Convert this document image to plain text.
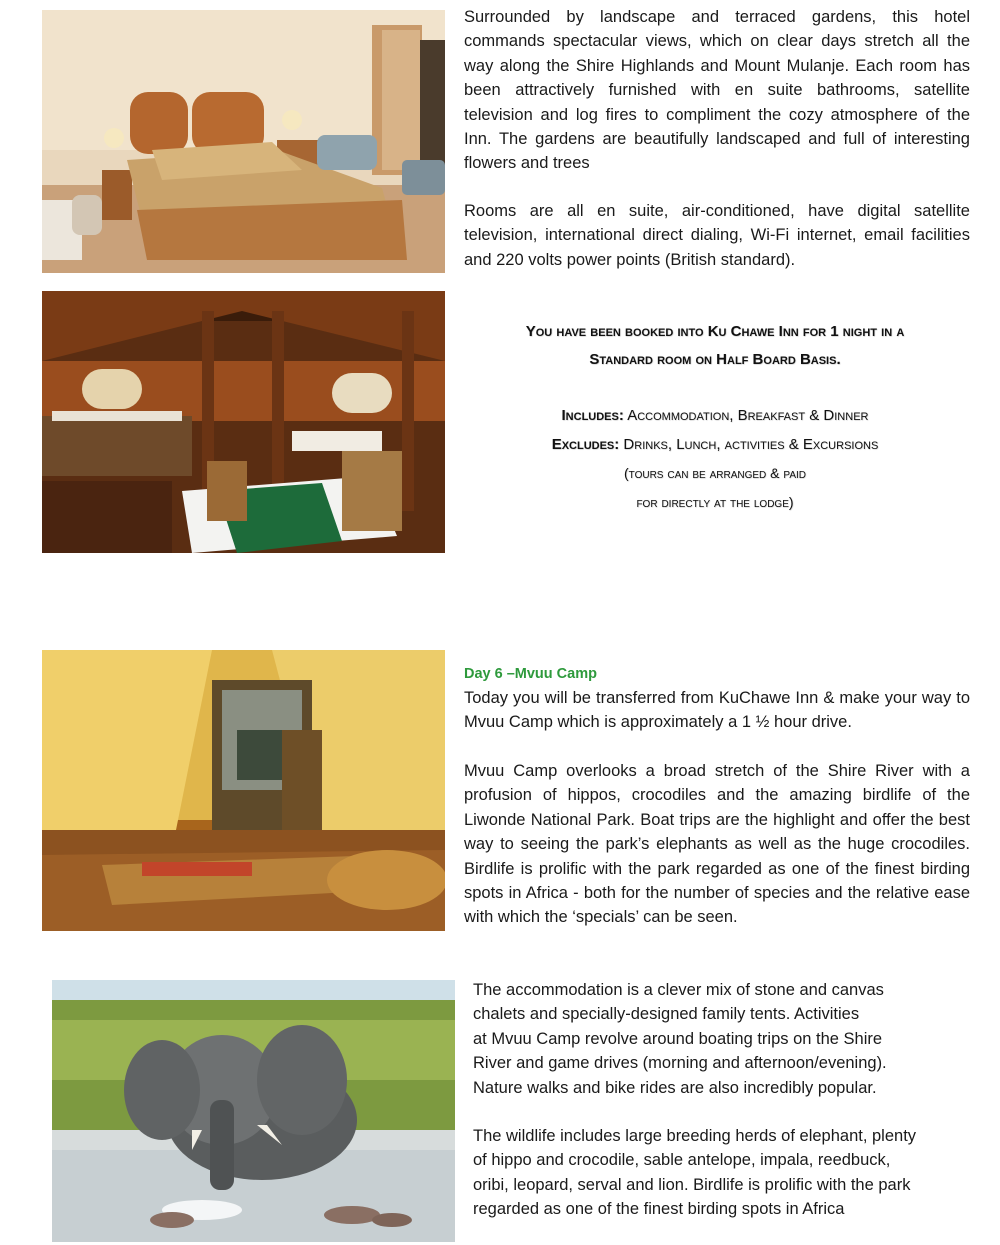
Surrounded by landscape and terraced gardens, this hotel commands spectacular views, which on clear days stretch all the way along the Shire Highlands and Mount Mulanje. Each room has been attractively furnished with en suite bathrooms, satellite television and log fires to compliment the cozy atmosphere of the Inn. The gardens are beautifully landscaped and full of interesting flowers and trees

Rooms are all en suite, air-conditioned, have digital satellite television, international direct dialing, Wi-Fi internet, email facilities and 220 volts power points (British standard).

You have been booked into Ku Chawe Inn for 1 night in a

Standard room on Half Board Basis.

Includes: Accommodation, Breakfast & Dinner

Excludes: Drinks, Lunch, activities & Excursions

(tours can be arranged & paid

for directly at the lodge)

Day 6 –Mvuu Camp

Today you will be transferred from KuChawe Inn & make your way to Mvuu Camp which is approximately a 1 ½ hour drive.

Mvuu Camp overlooks a broad stretch of the Shire River with a profusion of hippos, crocodiles and the amazing birdlife of the Liwonde National Park. Boat trips are the highlight and offer the best way to seeing the park’s elephants as well as the huge crocodiles. Birdlife is prolific with the park regarded as one of the finest birding spots in Africa - both for the number of species and the relative ease with which the ‘specials’ can be seen.

The accommodation is a clever mix of stone and canvas
chalets and specially-designed family tents. Activities
at Mvuu Camp revolve around boating trips on the Shire
River and game drives (morning and afternoon/evening).
Nature walks and bike rides are also incredibly popular.
The wildlife includes large breeding herds of elephant, plenty
of hippo and crocodile, sable antelope, impala, reedbuck,
oribi, leopard, serval and lion. Birdlife is prolific with the park
regarded as one of the finest birding spots in Africa
